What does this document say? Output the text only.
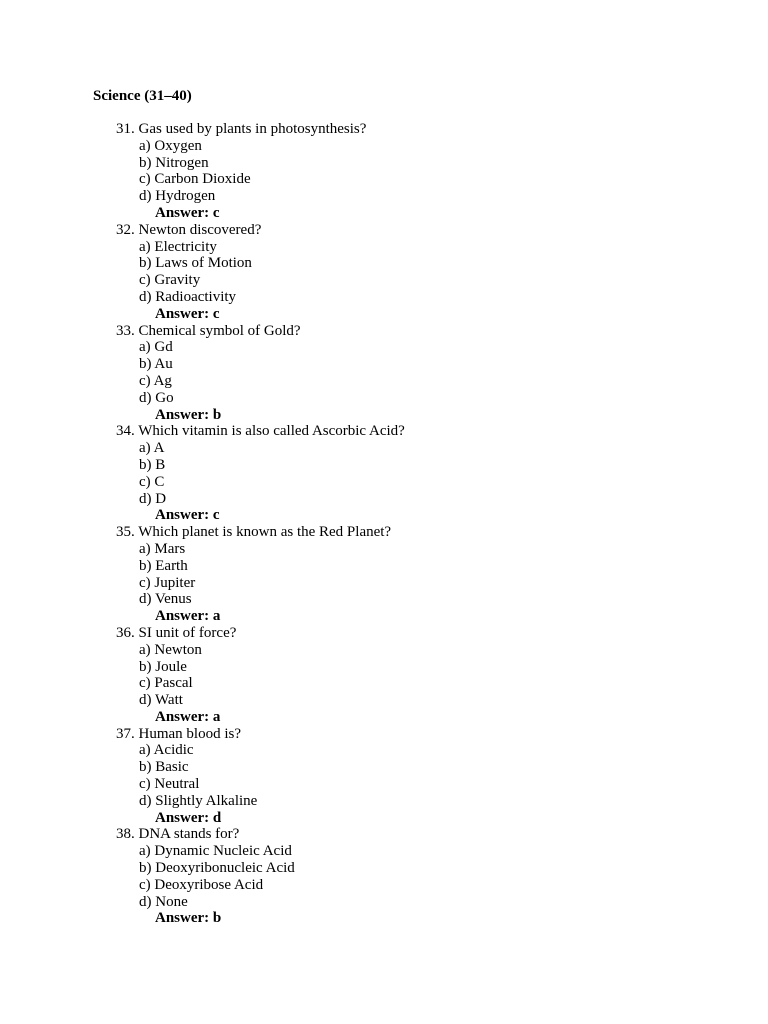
Science (31–40)
31. Gas used by plants in photosynthesis?
a) Oxygen
b) Nitrogen
c) Carbon Dioxide
d) Hydrogen
Answer: c
32. Newton discovered?
a) Electricity
b) Laws of Motion
c) Gravity
d) Radioactivity
Answer: c
33. Chemical symbol of Gold?
a) Gd
b) Au
c) Ag
d) Go
Answer: b
34. Which vitamin is also called Ascorbic Acid?
a) A
b) B
c) C
d) D
Answer: c
35. Which planet is known as the Red Planet?
a) Mars
b) Earth
c) Jupiter
d) Venus
Answer: a
36. SI unit of force?
a) Newton
b) Joule
c) Pascal
d) Watt
Answer: a
37. Human blood is?
a) Acidic
b) Basic
c) Neutral
d) Slightly Alkaline
Answer: d
38. DNA stands for?
a) Dynamic Nucleic Acid
b) Deoxyribonucleic Acid
c) Deoxyribose Acid
d) None
Answer: b
